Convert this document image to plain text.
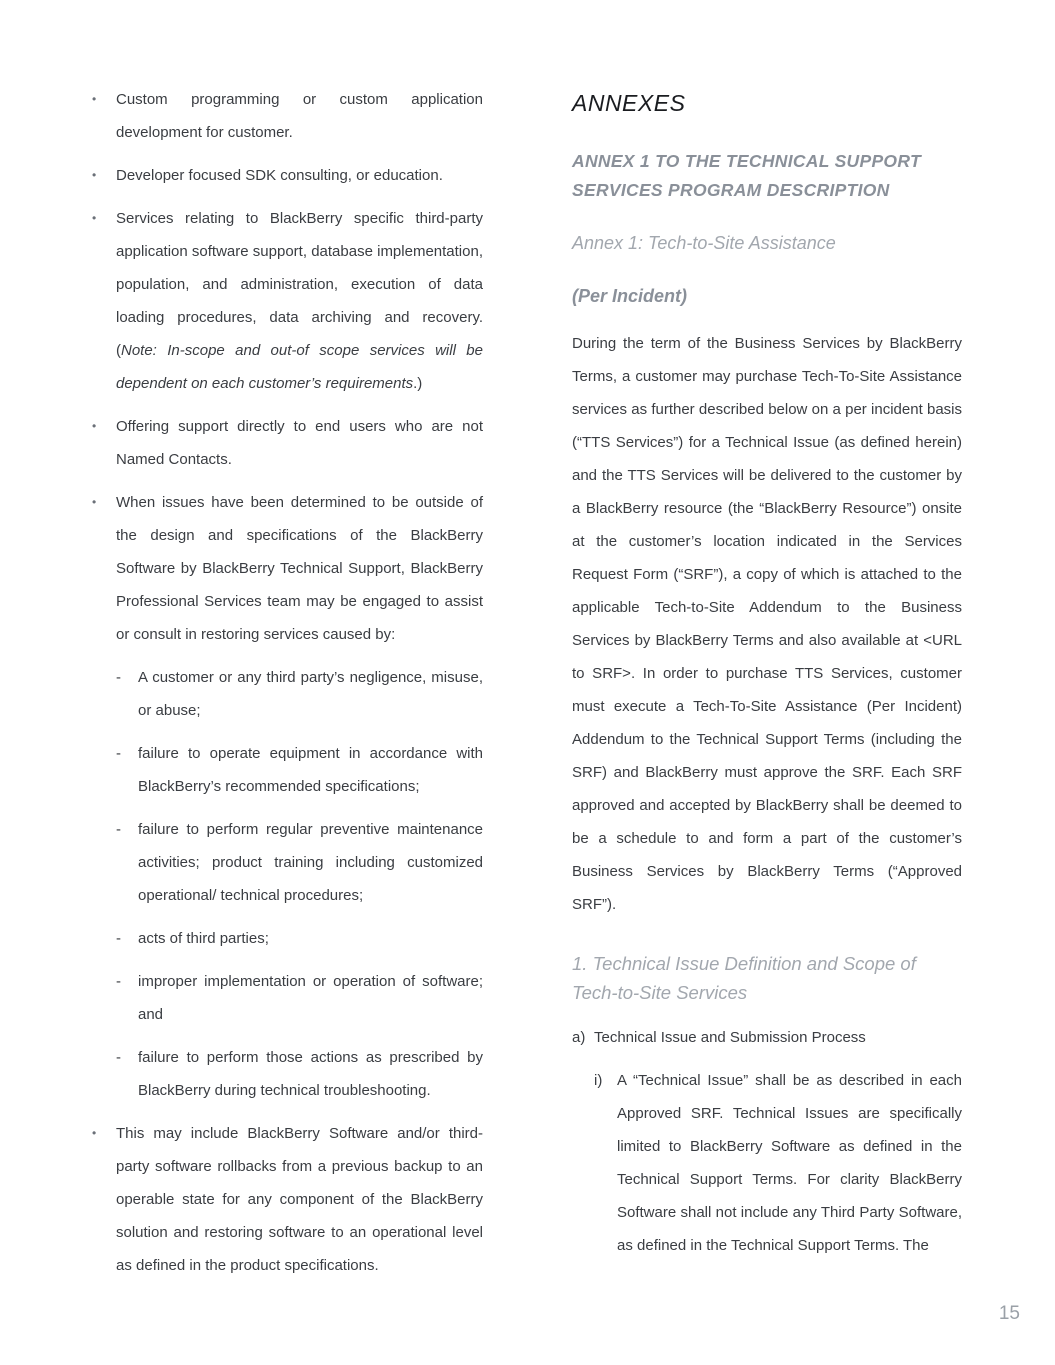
• Custom programming or custom application development for customer.
• Developer focused SDK consulting, or education.
• Services relating to BlackBerry specific third-party application software support, database implementation, population, and administration, execution of data loading procedures, data archiving and recovery. (Note: In-scope and out-of scope services will be dependent on each customer’s requirements.)
• Offering support directly to end users who are not Named Contacts.
• When issues have been determined to be outside of the design and specifications of the BlackBerry Software by BlackBerry Technical Support, BlackBerry Professional Services team may be engaged to assist or consult in restoring services caused by:
- A customer or any third party’s negligence, misuse, or abuse;
- failure to operate equipment in accordance with BlackBerry’s recommended specifications;
- failure to perform regular preventive maintenance activities; product training including customized operational/ technical procedures;
- acts of third parties;
- improper implementation or operation of software; and
- failure to perform those actions as prescribed by BlackBerry during technical troubleshooting.
• This may include BlackBerry Software and/or third-party software rollbacks from a previous backup to an operable state for any component of the BlackBerry solution and restoring software to an operational level as defined in the product specifications.
ANNEXES
ANNEX 1 TO THE TECHNICAL SUPPORT SERVICES PROGRAM DESCRIPTION
Annex 1: Tech-to-Site Assistance
(Per Incident)

During the term of the Business Services by BlackBerry Terms, a customer may purchase Tech-To-Site Assistance services as further described below on a per incident basis (“TTS Services”) for a Technical Issue (as defined herein) and the TTS Services will be delivered to the customer by a BlackBerry resource (the “BlackBerry Resource”) onsite at the customer’s location indicated in the Services Request Form (“SRF”), a copy of which is attached to the applicable Tech-to-Site Addendum to the Business Services by BlackBerry Terms and also available at <URL to SRF>. In order to purchase TTS Services, customer must execute a Tech-To-Site Assistance (Per Incident) Addendum to the Technical Support Terms (including the SRF) and BlackBerry must approve the SRF. Each SRF approved and accepted by BlackBerry shall be deemed to be a schedule to and form a part of the customer’s Business Services by BlackBerry Terms (“Approved SRF”).

1. Technical Issue Definition and Scope of Tech-to-Site Services
a) Technical Issue and Submission Process
i) A “Technical Issue” shall be as described in each Approved SRF. Technical Issues are specifically limited to BlackBerry Software as defined in the Technical Support Terms. For clarity BlackBerry Software shall not include any Third Party Software, as defined in the Technical Support Terms. The
15
